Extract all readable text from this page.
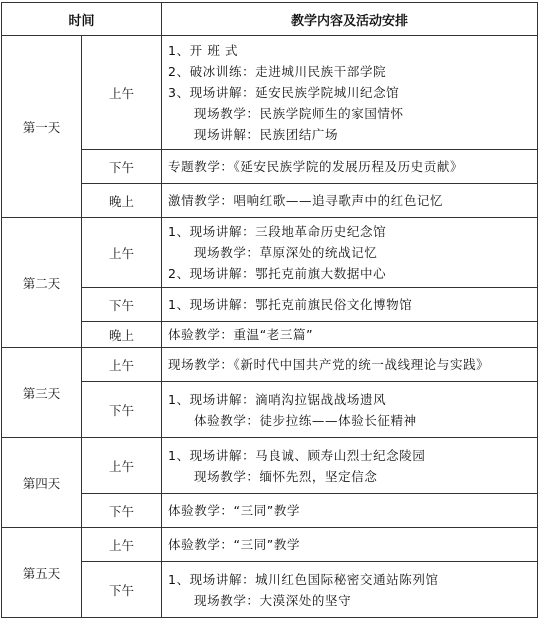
时间		教学内容及活动安排
第一天	上午	1、开 班 式
2、破冰训练：走进城川民族干部学院
3、现场讲解：延安民族学院城川纪念馆
现场教学：民族学院师生的家国情怀
现场讲解：民族团结广场

	下午	专题教学：《延安民族学院的发展历程及历史贡献》

	晚上	激情教学：唱响红歌——追寻歌声中的红色记忆

第二天	上午	1、现场讲解：三段地革命历史纪念馆
现场教学：草原深处的统战记忆
2、现场讲解：鄂托克前旗大数据中心

	下午	1、现场讲解：鄂托克前旗民俗文化博物馆

	晚上	体验教学：重温“老三篇”

第三天	上午	现场教学：《新时代中国共产党的统一战线理论与实践》

	下午	1、现场讲解：滴哨沟拉锯战战场遗风
体验教学：徒步拉练——体验长征精神

第四天	上午	1、现场讲解：马良诚、顾寿山烈士纪念陵园
现场教学：缅怀先烈，坚定信念

	下午	体验教学：“三同”教学

第五天	上午	体验教学：“三同”教学

	下午	1、现场讲解：城川红色国际秘密交通站陈列馆
现场教学：大漠深处的坚守
